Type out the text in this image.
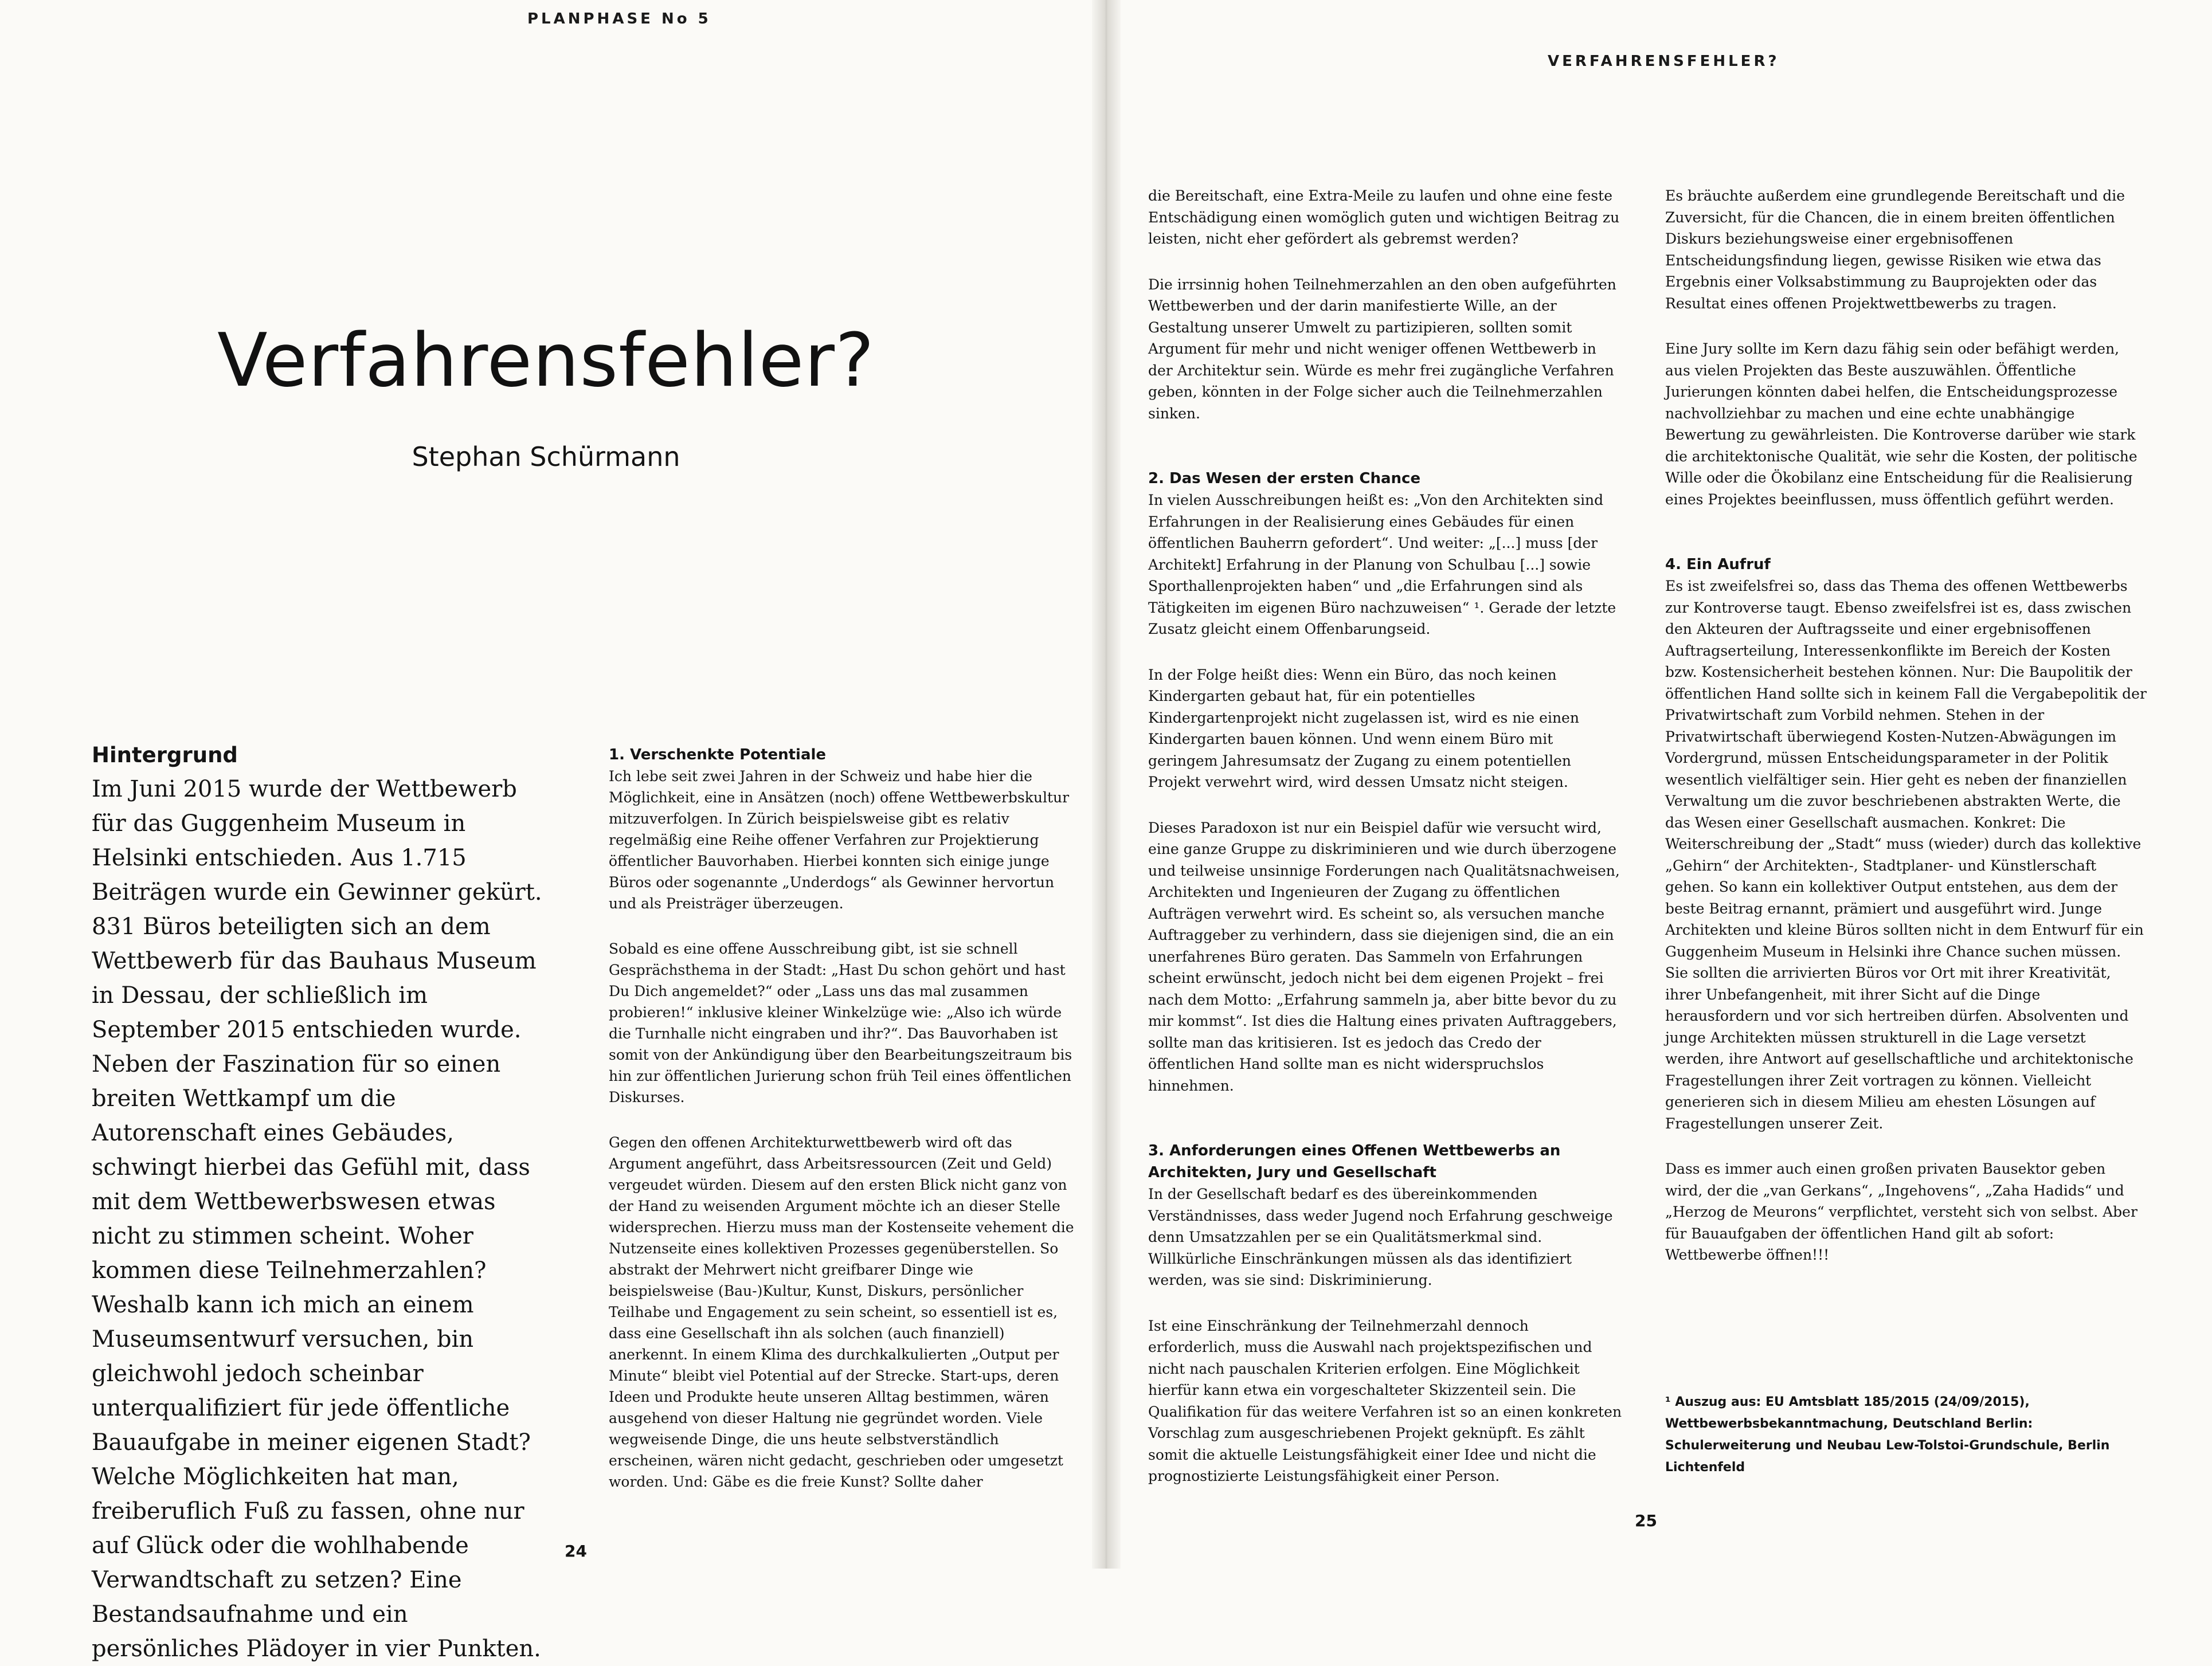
PLANPHASE No 5
Verfahrensfehler?
Stephan Schürmann
Hintergrund

Im Juni 2015 wurde der Wettbewerb für das Guggenheim Museum in Helsinki entschieden. Aus 1.715 Beiträgen wurde ein Gewinner gekürt. 831 Büros beteiligten sich an dem Wettbewerb für das Bauhaus Museum in Dessau, der schließlich im September 2015 entschieden wurde. Neben der Faszination für so einen breiten Wettkampf um die Autorenschaft eines Gebäudes, schwingt hierbei das Gefühl mit, dass mit dem Wettbewerbswesen etwas nicht zu stimmen scheint. Woher kommen diese Teilnehmerzahlen? Weshalb kann ich mich an einem Museumsentwurf versuchen, bin gleichwohl jedoch scheinbar unterqualifiziert für jede öffentliche Bauaufgabe in meiner eigenen Stadt? Welche Möglichkeiten hat man, freiberuflich Fuß zu fassen, ohne nur auf Glück oder die wohlhabende Verwandtschaft zu setzen? Eine Bestandsaufnahme und ein persönliches Plädoyer in vier Punkten.

1. Verschenkte Potentiale

Ich lebe seit zwei Jahren in der Schweiz und habe hier die Möglichkeit, eine in Ansätzen (noch) offene Wettbewerbskultur mitzuverfolgen. In Zürich beispielsweise gibt es relativ regelmäßig eine Reihe offener Verfahren zur Projektierung öffentlicher Bauvorhaben. Hierbei konnten sich einige junge Büros oder sogenannte „Underdogs“ als Gewinner hervortun und als Preisträger überzeugen.

Sobald es eine offene Ausschreibung gibt, ist sie schnell Gesprächsthema in der Stadt: „Hast Du schon gehört und hast Du Dich angemeldet?“ oder „Lass uns das mal zusammen probieren!“ inklusive kleiner Winkelzüge wie: „Also ich würde die Turnhalle nicht eingraben und ihr?“. Das Bauvorhaben ist somit von der Ankündigung über den Bearbeitungszeitraum bis hin zur öffentlichen Jurierung schon früh Teil eines öffentlichen Diskurses.

Gegen den offenen Architekturwettbewerb wird oft das Argument angeführt, dass Arbeitsressourcen (Zeit und Geld) vergeudet würden. Diesem auf den ersten Blick nicht ganz von der Hand zu weisenden Argument möchte ich an dieser Stelle widersprechen. Hierzu muss man der Kostenseite vehement die Nutzenseite eines kollektiven Prozesses gegenüberstellen. So abstrakt der Mehrwert nicht greifbarer Dinge wie beispielsweise (Bau-)Kultur, Kunst, Diskurs, persönlicher Teilhabe und Engagement zu sein scheint, so essentiell ist es, dass eine Gesellschaft ihn als solchen (auch finanziell) anerkennt. In einem Klima des durchkalkulierten „Output per Minute“ bleibt viel Potential auf der Strecke. Start-ups, deren Ideen und Produkte heute unseren Alltag bestimmen, wären ausgehend von dieser Haltung nie gegründet worden. Viele wegweisende Dinge, die uns heute selbstverständlich erscheinen, wären nicht gedacht, geschrieben oder umgesetzt worden. Und: Gäbe es die freie Kunst? Sollte daher

24
VERFAHRENSFEHLER?

die Bereitschaft, eine Extra-Meile zu laufen und ohne eine feste Entschädigung einen womöglich guten und wichtigen Beitrag zu leisten, nicht eher gefördert als gebremst werden?

Die irrsinnig hohen Teilnehmerzahlen an den oben aufgeführten Wettbewerben und der darin manifestierte Wille, an der Gestaltung unserer Umwelt zu partizipieren, sollten somit Argument für mehr und nicht weniger offenen Wettbewerb in der Architektur sein. Würde es mehr frei zugängliche Verfahren geben, könnten in der Folge sicher auch die Teilnehmerzahlen sinken.

2. Das Wesen der ersten Chance

In vielen Ausschreibungen heißt es: „Von den Architekten sind Erfahrungen in der Realisierung eines Gebäudes für einen öffentlichen Bauherrn gefordert“. Und weiter: „[...] muss [der Architekt] Erfahrung in der Planung von Schulbau [...] sowie Sporthallenprojekten haben“ und „die Erfahrungen sind als Tätigkeiten im eigenen Büro nachzuweisen“ ¹. Gerade der letzte Zusatz gleicht einem Offenbarungseid.

In der Folge heißt dies: Wenn ein Büro, das noch keinen Kindergarten gebaut hat, für ein potentielles Kindergartenprojekt nicht zugelassen ist, wird es nie einen Kindergarten bauen können. Und wenn einem Büro mit geringem Jahresumsatz der Zugang zu einem potentiellen Projekt verwehrt wird, wird dessen Umsatz nicht steigen.

Dieses Paradoxon ist nur ein Beispiel dafür wie versucht wird, eine ganze Gruppe zu diskriminieren und wie durch überzogene und teilweise unsinnige Forderungen nach Qualitätsnachweisen, Architekten und Ingenieuren der Zugang zu öffentlichen Aufträgen verwehrt wird. Es scheint so, als versuchen manche Auftraggeber zu verhindern, dass sie diejenigen sind, die an ein unerfahrenes Büro geraten. Das Sammeln von Erfahrungen scheint erwünscht, jedoch nicht bei dem eigenen Projekt – frei nach dem Motto: „Erfahrung sammeln ja, aber bitte bevor du zu mir kommst“. Ist dies die Haltung eines privaten Auftraggebers, sollte man das kritisieren. Ist es jedoch das Credo der öffentlichen Hand sollte man es nicht widerspruchslos hinnehmen.

3. Anforderungen eines Offenen Wettbewerbs an Architekten, Jury und Gesellschaft

In der Gesellschaft bedarf es des übereinkommenden Verständnisses, dass weder Jugend noch Erfahrung geschweige denn Umsatzzahlen per se ein Qualitätsmerkmal sind. Willkürliche Einschränkungen müssen als das identifiziert werden, was sie sind: Diskriminierung.

Ist eine Einschränkung der Teilnehmerzahl dennoch erforderlich, muss die Auswahl nach projektspezifischen und nicht nach pauschalen Kriterien erfolgen. Eine Möglichkeit hierfür kann etwa ein vorgeschalteter Skizzenteil sein. Die Qualifikation für das weitere Verfahren ist so an einen konkreten Vorschlag zum ausgeschriebenen Projekt geknüpft. Es zählt somit die aktuelle Leistungsfähigkeit einer Idee und nicht die prognostizierte Leistungsfähigkeit einer Person.

Es bräuchte außerdem eine grundlegende Bereitschaft und die Zuversicht, für die Chancen, die in einem breiten öffentlichen Diskurs beziehungsweise einer ergebnisoffenen Entscheidungsfindung liegen, gewisse Risiken wie etwa das Ergebnis einer Volksabstimmung zu Bauprojekten oder das Resultat eines offenen Projektwettbewerbs zu tragen.

Eine Jury sollte im Kern dazu fähig sein oder befähigt werden, aus vielen Projekten das Beste auszuwählen. Öffentliche Jurierungen könnten dabei helfen, die Entscheidungsprozesse nachvollziehbar zu machen und eine echte unabhängige Bewertung zu gewährleisten. Die Kontroverse darüber wie stark die architektonische Qualität, wie sehr die Kosten, der politische Wille oder die Ökobilanz eine Entscheidung für die Realisierung eines Projektes beeinflussen, muss öffentlich geführt werden.

4. Ein Aufruf

Es ist zweifelsfrei so, dass das Thema des offenen Wettbewerbs zur Kontroverse taugt. Ebenso zweifelsfrei ist es, dass zwischen den Akteuren der Auftragsseite und einer ergebnisoffenen Auftragserteilung, Interessenkonflikte im Bereich der Kosten bzw. Kostensicherheit bestehen können. Nur: Die Baupolitik der öffentlichen Hand sollte sich in keinem Fall die Vergabepolitik der Privatwirtschaft zum Vorbild nehmen. Stehen in der Privatwirtschaft überwiegend Kosten-Nutzen-Abwägungen im Vordergrund, müssen Entscheidungsparameter in der Politik wesentlich vielfältiger sein. Hier geht es neben der finanziellen Verwaltung um die zuvor beschriebenen abstrakten Werte, die das Wesen einer Gesellschaft ausmachen. Konkret: Die Weiterschreibung der „Stadt“ muss (wieder) durch das kollektive „Gehirn“ der Architekten-, Stadtplaner- und Künstlerschaft gehen. So kann ein kollektiver Output entstehen, aus dem der beste Beitrag ernannt, prämiert und ausgeführt wird. Junge Architekten und kleine Büros sollten nicht in dem Entwurf für ein Guggenheim Museum in Helsinki ihre Chance suchen müssen. Sie sollten die arrivierten Büros vor Ort mit ihrer Kreativität, ihrer Unbefangenheit, mit ihrer Sicht auf die Dinge herausfordern und vor sich hertreiben dürfen. Absolventen und junge Architekten müssen strukturell in die Lage versetzt werden, ihre Antwort auf gesellschaftliche und architektonische Fragestellungen ihrer Zeit vortragen zu können. Vielleicht generieren sich in diesem Milieu am ehesten Lösungen auf Fragestellungen unserer Zeit.

Dass es immer auch einen großen privaten Bausektor geben wird, der die „van Gerkans“, „Ingehovens“, „Zaha Hadids“ und „Herzog de Meurons“ verpflichtet, versteht sich von selbst. Aber für Bauaufgaben der öffentlichen Hand gilt ab sofort: Wettbewerbe öffnen!!!

¹ Auszug aus: EU Amtsblatt 185/2015 (24/09/2015), Wettbewerbsbekanntmachung, Deutschland Berlin: Schulerweiterung und Neubau Lew-Tolstoi-Grundschule, Berlin Lichtenfeld
25
